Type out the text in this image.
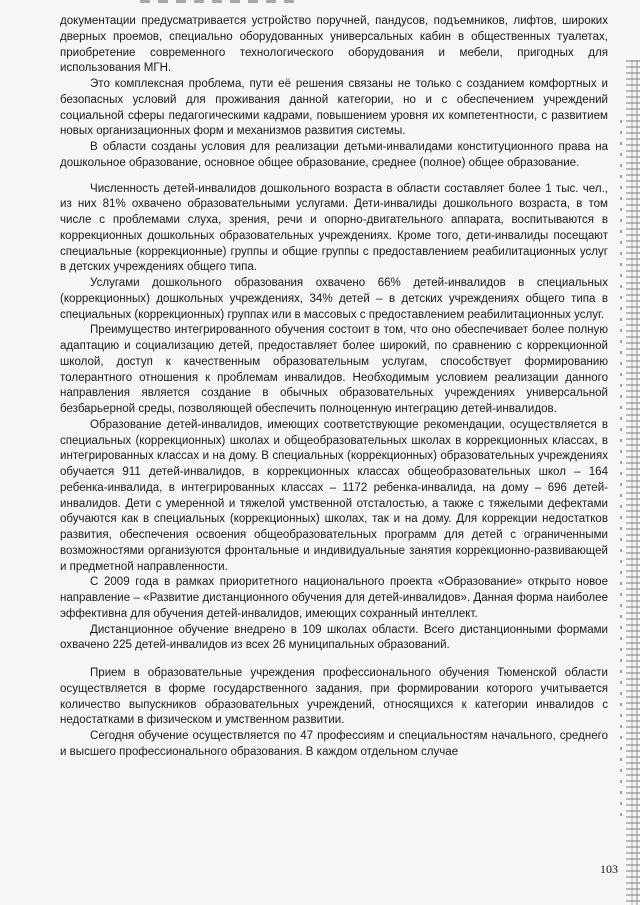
документации предусматривается устройство поручней, пандусов, подъемников, лифтов, широких дверных проемов, специально оборудованных универсальных кабин в общественных туалетах, приобретение современного технологического оборудования и мебели, пригодных для использования МГН.

Это комплексная проблема, пути её решения связаны не только с созданием комфортных и безопасных условий для проживания данной категории, но и с обеспечением учреждений социальной сферы педагогическими кадрами, повышением уровня их компетентности, с развитием новых организационных форм и механизмов развития системы.

В области созданы условия для реализации детьми-инвалидами конституционного права на дошкольное образование, основное общее образование, среднее (полное) общее образование.

Численность детей-инвалидов дошкольного возраста в области составляет более 1 тыс. чел., из них 81% охвачено образовательными услугами. Дети-инвалиды дошкольного возраста, в том числе с проблемами слуха, зрения, речи и опорно-двигательного аппарата, воспитываются в коррекционных дошкольных образовательных учреждениях. Кроме того, дети-инвалиды посещают специальные (коррекционные) группы и общие группы с предоставлением реабилитационных услуг в детских учреждениях общего типа.

Услугами дошкольного образования охвачено 66% детей-инвалидов в специальных (коррекционных) дошкольных учреждениях, 34% детей – в детских учреждениях общего типа в специальных (коррекционных) группах или в массовых с предоставлением реабилитационных услуг.

Преимущество интегрированного обучения состоит в том, что оно обеспечивает более полную адаптацию и социализацию детей, предоставляет более широкий, по сравнению с коррекционной школой, доступ к качественным образовательным услугам, способствует формированию толерантного отношения к проблемам инвалидов. Необходимым условием реализации данного направления является создание в обычных образовательных учреждениях универсальной безбарьерной среды, позволяющей обеспечить полноценную интеграцию детей-инвалидов.

Образование детей-инвалидов, имеющих соответствующие рекомендации, осуществляется в специальных (коррекционных) школах и общеобразовательных школах в коррекционных классах, в интегрированных классах и на дому. В специальных (коррекционных) образовательных учреждениях обучается 911 детей-инвалидов, в коррекционных классах общеобразовательных школ – 164 ребенка-инвалида, в интегрированных классах – 1172 ребенка-инвалида, на дому – 696 детей-инвалидов. Дети с умеренной и тяжелой умственной отсталостью, а также с тяжелыми дефектами обучаются как в специальных (коррекционных) школах, так и на дому. Для коррекции недостатков развития, обеспечения освоения общеобразовательных программ для детей с ограниченными возможностями организуются фронтальные и индивидуальные занятия коррекционно-развивающей и предметной направленности.

С 2009 года в рамках приоритетного национального проекта «Образование» открыто новое направление – «Развитие дистанционного обучения для детей-инвалидов». Данная форма наиболее эффективна для обучения детей-инвалидов, имеющих сохранный интеллект.

Дистанционное обучение внедрено в 109 школах области. Всего дистанционными формами охвачено 225 детей-инвалидов из всех 26 муниципальных образований.

Прием в образовательные учреждения профессионального обучения Тюменской области осуществляется в форме государственного задания, при формировании которого учитывается количество выпускников образовательных учреждений, относящихся к категории инвалидов с недостатками в физическом и умственном развитии.

Сегодня обучение осуществляется по 47 профессиям и специальностям начального, среднего и высшего профессионального образования. В каждом отдельном случае

103
